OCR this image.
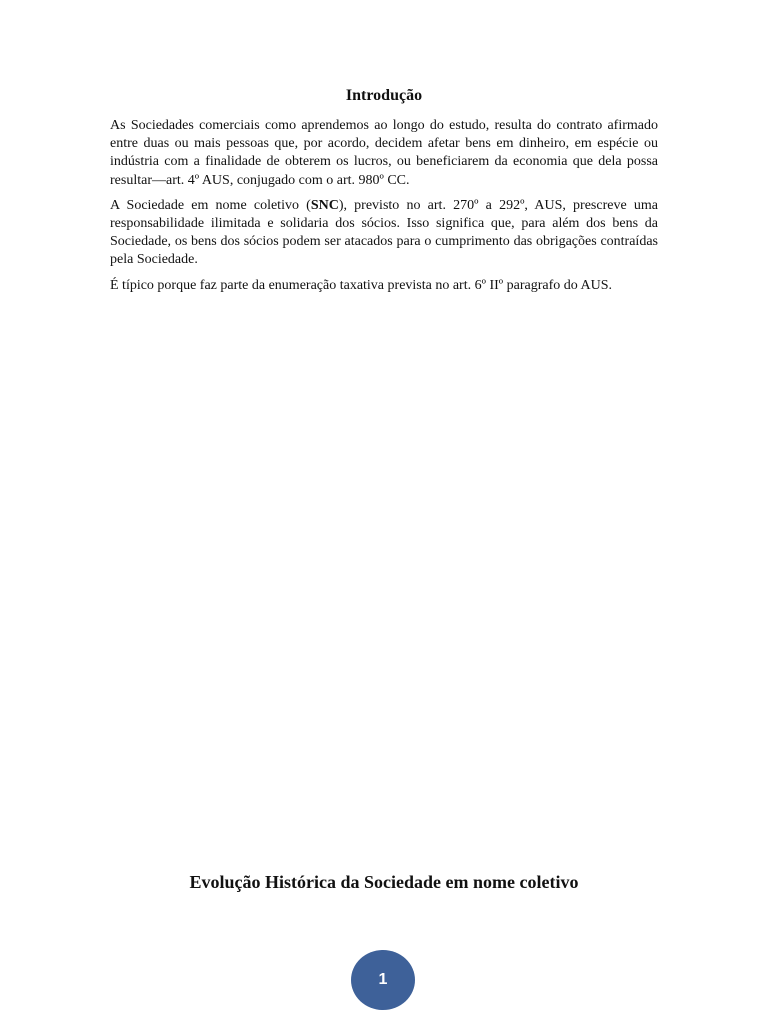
Introdução

As Sociedades comerciais como aprendemos ao longo do estudo, resulta do contrato afirmado entre duas ou mais pessoas que, por acordo, decidem afetar bens em dinheiro, em espécie ou indústria com a finalidade de obterem os lucros, ou beneficiarem da economia que dela possa resultar—art. 4º AUS, conjugado com o art. 980º CC.

A Sociedade em nome coletivo (SNC), previsto no art. 270º a 292º, AUS, prescreve uma responsabilidade ilimitada e solidaria dos sócios. Isso significa que, para além dos bens da Sociedade, os bens dos sócios podem ser atacados para o cumprimento das obrigações contraídas pela Sociedade.

É típico porque faz parte da enumeração taxativa prevista no art. 6º IIº paragrafo do AUS.

Evolução Histórica da Sociedade em nome coletivo
1
